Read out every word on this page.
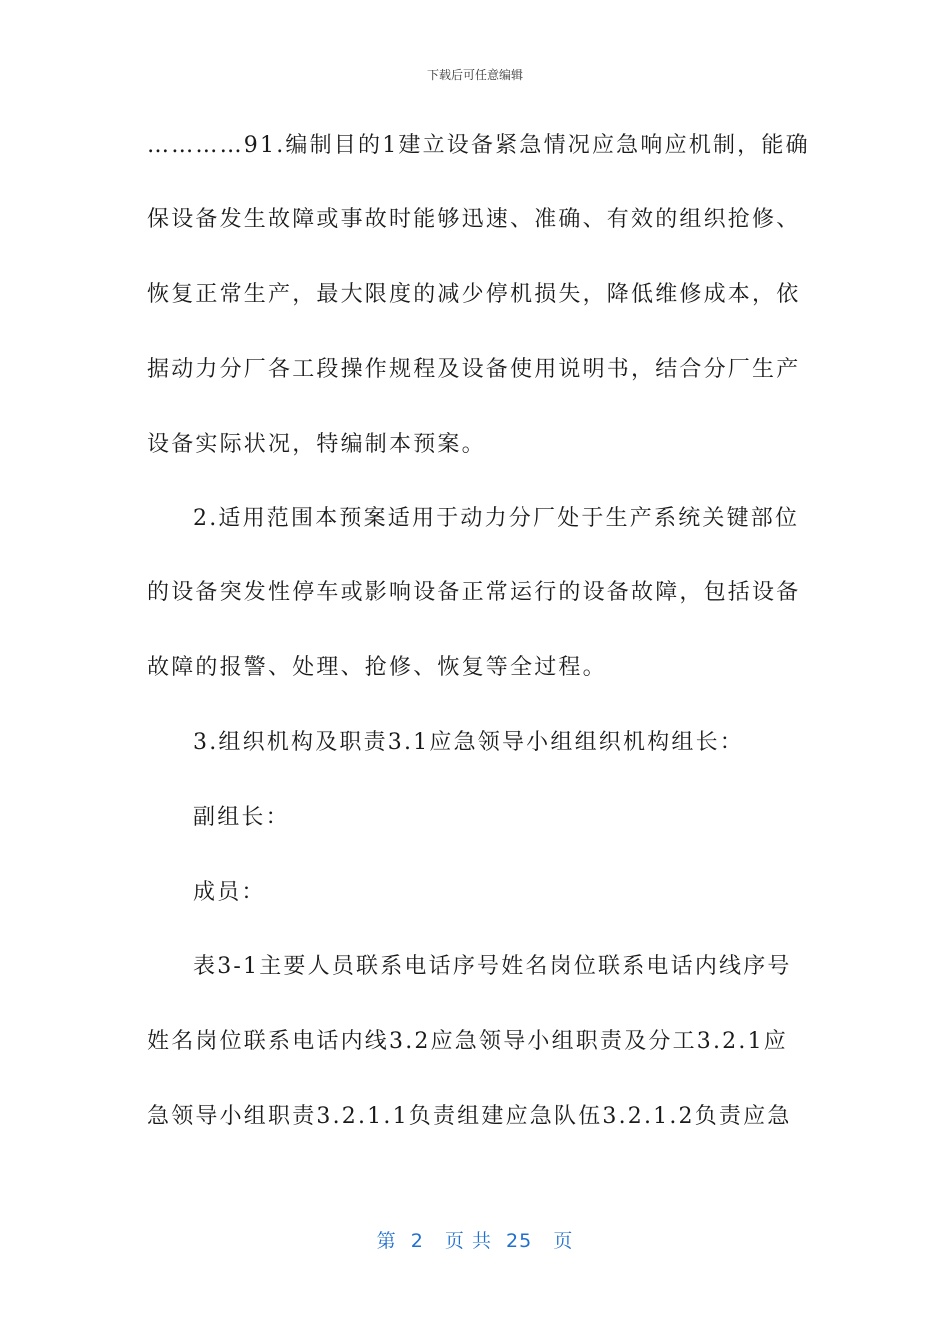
下载后可任意编辑
…………91.编制目的1建立设备紧急情况应急响应机制，能确
保设备发生故障或事故时能够迅速、准确、有效的组织抢修、
恢复正常生产，最大限度的减少停机损失，降低维修成本，依
据动力分厂各工段操作规程及设备使用说明书，结合分厂生产
设备实际状况，特编制本预案。
2.适用范围本预案适用于动力分厂处于生产系统关键部位
的设备突发性停车或影响设备正常运行的设备故障，包括设备
故障的报警、处理、抢修、恢复等全过程。
3.组织机构及职责3.1应急领导小组组织机构组长：
副组长：
成员：
表3-1主要人员联系电话序号姓名岗位联系电话内线序号
姓名岗位联系电话内线3.2应急领导小组职责及分工3.2.1应
急领导小组职责3.2.1.1负责组建应急队伍3.2.1.2负责应急
第  2   页 共  25   页
